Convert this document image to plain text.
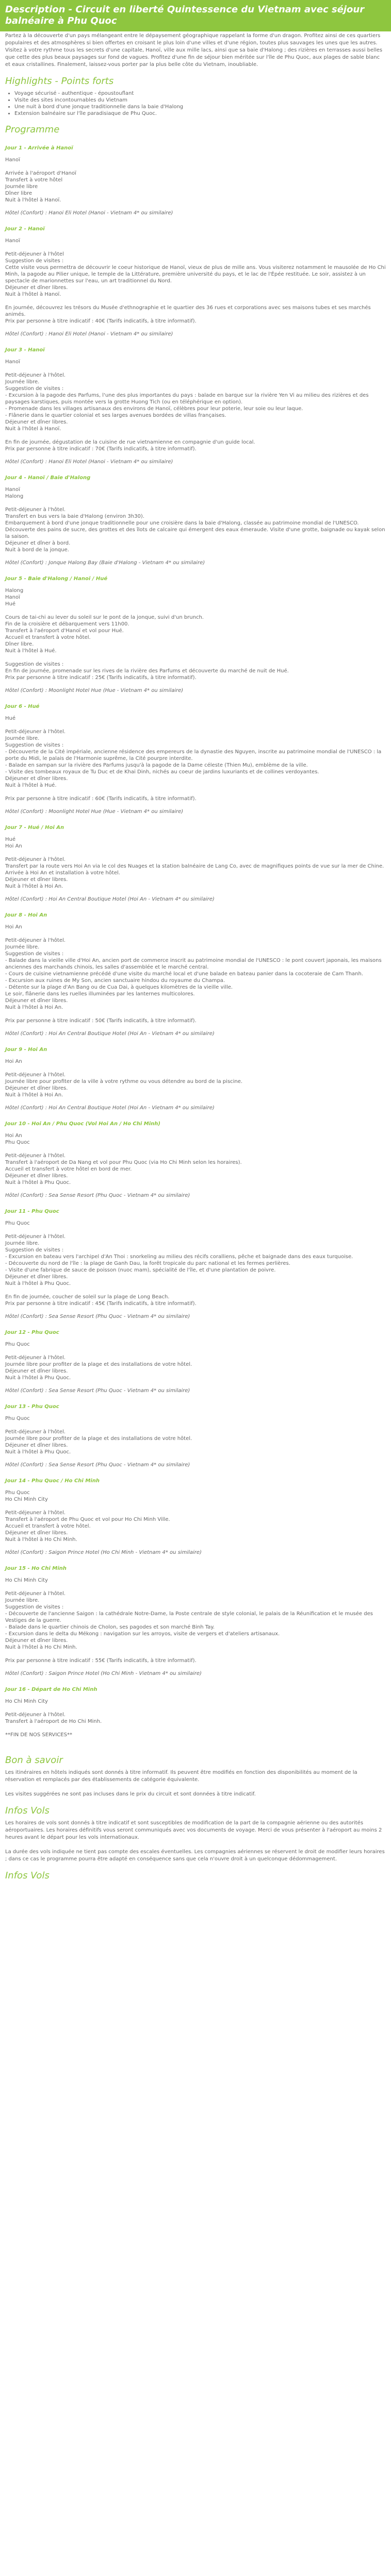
Description - Circuit en liberté Quintessence du Vietnam avec séjour balnéaire à Phu Quoc

Partez à la découverte d'un pays mélangeant entre le dépaysement géographique rappelant la forme d'un dragon. Profitez ainsi de ces quartiers populaires et des atmosphères si bien offertes en croisant le plus loin d'une villes et d'une région, toutes plus sauvages les unes que les autres. Visitez à votre rythme tous les secrets d'une capitale, Hanoï, ville aux mille lacs, ainsi que sa baie d'Halong ; des rizières en terrasses aussi belles que cette des plus beaux paysages sur fond de vagues. Profitez d'une fin de séjour bien méritée sur l'île de Phu Quoc, aux plages de sable blanc et eaux cristallines. Finalement, laissez-vous porter par la plus belle côte du Vietnam, inoubliable.

Highlights - Points forts
• Voyage sécurisé - authentique - époustouflant
• Visite des sites incontournables du Vietnam
• Une nuit à bord d'une jonque traditionnelle dans la baie d'Halong
• Extension balnéaire sur l'île paradisiaque de Phu Quoc.
Programme
Jour 1 - Arrivée à Hanoï

Hanoï

Arrivée à l'aéroport d'Hanoï
Transfert à votre hôtel
Journée libre
Dîner libre
Nuit à l'hôtel à Hanoï.

Hôtel (Confort) : Hanoi Eli Hotel (Hanoi - Vietnam 4* ou similaire)

Jour 2 - Hanoï

Hanoï

Petit-déjeuner à l'hôtel
Suggestion de visites :
Cette visite vous permettra de découvrir le coeur historique de Hanoï, vieux de plus de mille ans. Vous visiterez notamment le mausolée de Ho Chi Minh, la pagode au Pilier unique, le temple de la Littérature, première université du pays, et le lac de l'Épée restituée. Le soir, assistez à un spectacle de marionnettes sur l'eau, un art traditionnel du Nord.
Déjeuner et dîner libres.
Nuit à l'hôtel à Hanoï.

En journée, découvrez les trésors du Musée d'ethnographie et le quartier des 36 rues et corporations avec ses maisons tubes et ses marchés animés.
Prix par personne à titre indicatif : 40€ (Tarifs indicatifs, à titre informatif).

Hôtel (Confort) : Hanoi Eli Hotel (Hanoi - Vietnam 4* ou similaire)

Jour 3 - Hanoï

Hanoï

Petit-déjeuner à l'hôtel.
Journée libre.
Suggestion de visites :
- Excursion à la pagode des Parfums, l'une des plus importantes du pays : balade en barque sur la rivière Yen Vi au milieu des rizières et des paysages karstiques, puis montée vers la grotte Huong Tich (ou en téléphérique en option).
- Promenade dans les villages artisanaux des environs de Hanoï, célèbres pour leur poterie, leur soie ou leur laque.
- Flânerie dans le quartier colonial et ses larges avenues bordées de villas françaises.
Déjeuner et dîner libres.
Nuit à l'hôtel à Hanoï.

En fin de journée, dégustation de la cuisine de rue vietnamienne en compagnie d'un guide local.
Prix par personne à titre indicatif : 70€ (Tarifs indicatifs, à titre informatif).

Hôtel (Confort) : Hanoi Eli Hotel (Hanoi - Vietnam 4* ou similaire)

Jour 4 - Hanoï / Baie d'Halong

Hanoï
Halong

Petit-déjeuner à l'hôtel.
Transfert en bus vers la baie d'Halong (environ 3h30).
Embarquement à bord d'une jonque traditionnelle pour une croisière dans la baie d'Halong, classée au patrimoine mondial de l'UNESCO. Découverte des pains de sucre, des grottes et des îlots de calcaire qui émergent des eaux émeraude. Visite d'une grotte, baignade ou kayak selon la saison.
Déjeuner et dîner à bord.
Nuit à bord de la jonque.

Hôtel (Confort) : Jonque Halong Bay (Baie d'Halong - Vietnam 4* ou similaire)

Jour 5 - Baie d'Halong / Hanoï / Hué

Halong
Hanoï
Hué

Cours de tai-chi au lever du soleil sur le pont de la jonque, suivi d'un brunch.
Fin de la croisière et débarquement vers 11h00.
Transfert à l'aéroport d'Hanoï et vol pour Hué.
Accueil et transfert à votre hôtel.
Dîner libre.
Nuit à l'hôtel à Hué.

Suggestion de visites :
En fin de journée, promenade sur les rives de la rivière des Parfums et découverte du marché de nuit de Hué.
Prix par personne à titre indicatif : 25€ (Tarifs indicatifs, à titre informatif).

Hôtel (Confort) : Moonlight Hotel Hue (Hue - Vietnam 4* ou similaire)

Jour 6 - Hué

Hué

Petit-déjeuner à l'hôtel.
Journée libre.
Suggestion de visites :
- Découverte de la Cité impériale, ancienne résidence des empereurs de la dynastie des Nguyen, inscrite au patrimoine mondial de l'UNESCO : la porte du Midi, le palais de l'Harmonie suprême, la Cité pourpre interdite.
- Balade en sampan sur la rivière des Parfums jusqu'à la pagode de la Dame céleste (Thien Mu), emblème de la ville.
- Visite des tombeaux royaux de Tu Duc et de Khai Dinh, nichés au coeur de jardins luxuriants et de collines verdoyantes.
Déjeuner et dîner libres.
Nuit à l'hôtel à Hué.

Prix par personne à titre indicatif : 60€ (Tarifs indicatifs, à titre informatif).

Hôtel (Confort) : Moonlight Hotel Hue (Hue - Vietnam 4* ou similaire)

Jour 7 - Hué / Hoi An

Hué
Hoi An

Petit-déjeuner à l'hôtel.
Transfert par la route vers Hoi An via le col des Nuages et la station balnéaire de Lang Co, avec de magnifiques points de vue sur la mer de Chine.
Arrivée à Hoi An et installation à votre hôtel.
Déjeuner et dîner libres.
Nuit à l'hôtel à Hoi An.

Hôtel (Confort) : Hoi An Central Boutique Hotel (Hoi An - Vietnam 4* ou similaire)

Jour 8 - Hoi An

Hoi An

Petit-déjeuner à l'hôtel.
Journée libre.
Suggestion de visites :
- Balade dans la vieille ville d'Hoi An, ancien port de commerce inscrit au patrimoine mondial de l'UNESCO : le pont couvert japonais, les maisons anciennes des marchands chinois, les salles d'assemblée et le marché central.
- Cours de cuisine vietnamienne précédé d'une visite du marché local et d'une balade en bateau panier dans la cocoteraie de Cam Thanh.
- Excursion aux ruines de My Son, ancien sanctuaire hindou du royaume du Champa.
- Détente sur la plage d'An Bang ou de Cua Dai, à quelques kilomètres de la vieille ville.
Le soir, flânerie dans les ruelles illuminées par les lanternes multicolores.
Déjeuner et dîner libres.
Nuit à l'hôtel à Hoi An.

Prix par personne à titre indicatif : 50€ (Tarifs indicatifs, à titre informatif).

Hôtel (Confort) : Hoi An Central Boutique Hotel (Hoi An - Vietnam 4* ou similaire)

Jour 9 - Hoi An

Hoi An

Petit-déjeuner à l'hôtel.
Journée libre pour profiter de la ville à votre rythme ou vous détendre au bord de la piscine.
Déjeuner et dîner libres.
Nuit à l'hôtel à Hoi An.

Hôtel (Confort) : Hoi An Central Boutique Hotel (Hoi An - Vietnam 4* ou similaire)

Jour 10 - Hoi An / Phu Quoc (Vol Hoi An / Ho Chi Minh)

Hoi An
Phu Quoc

Petit-déjeuner à l'hôtel.
Transfert à l'aéroport de Da Nang et vol pour Phu Quoc (via Ho Chi Minh selon les horaires).
Accueil et transfert à votre hôtel en bord de mer.
Déjeuner et dîner libres.
Nuit à l'hôtel à Phu Quoc.

Hôtel (Confort) : Sea Sense Resort (Phu Quoc - Vietnam 4* ou similaire)

Jour 11 - Phu Quoc

Phu Quoc

Petit-déjeuner à l'hôtel.
Journée libre.
Suggestion de visites :
- Excursion en bateau vers l'archipel d'An Thoi : snorkeling au milieu des récifs coralliens, pêche et baignade dans des eaux turquoise.
- Découverte du nord de l'île : la plage de Ganh Dau, la forêt tropicale du parc national et les fermes perlières.
- Visite d'une fabrique de sauce de poisson (nuoc mam), spécialité de l'île, et d'une plantation de poivre.
Déjeuner et dîner libres.
Nuit à l'hôtel à Phu Quoc.

En fin de journée, coucher de soleil sur la plage de Long Beach.
Prix par personne à titre indicatif : 45€ (Tarifs indicatifs, à titre informatif).

Hôtel (Confort) : Sea Sense Resort (Phu Quoc - Vietnam 4* ou similaire)

Jour 12 - Phu Quoc

Phu Quoc

Petit-déjeuner à l'hôtel.
Journée libre pour profiter de la plage et des installations de votre hôtel.
Déjeuner et dîner libres.
Nuit à l'hôtel à Phu Quoc.

Hôtel (Confort) : Sea Sense Resort (Phu Quoc - Vietnam 4* ou similaire)

Jour 13 - Phu Quoc

Phu Quoc

Petit-déjeuner à l'hôtel.
Journée libre pour profiter de la plage et des installations de votre hôtel.
Déjeuner et dîner libres.
Nuit à l'hôtel à Phu Quoc.

Hôtel (Confort) : Sea Sense Resort (Phu Quoc - Vietnam 4* ou similaire)

Jour 14 - Phu Quoc / Ho Chi Minh

Phu Quoc
Ho Chi Minh City

Petit-déjeuner à l'hôtel.
Transfert à l'aéroport de Phu Quoc et vol pour Ho Chi Minh Ville.
Accueil et transfert à votre hôtel.
Déjeuner et dîner libres.
Nuit à l'hôtel à Ho Chi Minh.

Hôtel (Confort) : Saigon Prince Hotel (Ho Chi Minh - Vietnam 4* ou similaire)

Jour 15 - Ho Chi Minh

Ho Chi Minh City

Petit-déjeuner à l'hôtel.
Journée libre.
Suggestion de visites :
- Découverte de l'ancienne Saigon : la cathédrale Notre-Dame, la Poste centrale de style colonial, le palais de la Réunification et le musée des Vestiges de la guerre.
- Balade dans le quartier chinois de Cholon, ses pagodes et son marché Binh Tay.
- Excursion dans le delta du Mékong : navigation sur les arroyos, visite de vergers et d'ateliers artisanaux.
Déjeuner et dîner libres.
Nuit à l'hôtel à Ho Chi Minh.

Prix par personne à titre indicatif : 55€ (Tarifs indicatifs, à titre informatif).

Hôtel (Confort) : Saigon Prince Hotel (Ho Chi Minh - Vietnam 4* ou similaire)

Jour 16 - Départ de Ho Chi Minh

Ho Chi Minh City

Petit-déjeuner à l'hôtel.
Transfert à l'aéroport de Ho Chi Minh.

**FIN DE NOS SERVICES**

Bon à savoir

Les itinéraires en hôtels indiqués sont donnés à titre informatif. Ils peuvent être modifiés en fonction des disponibilités au moment de la réservation et remplacés par des établissements de catégorie équivalente.

Les visites suggérées ne sont pas incluses dans le prix du circuit et sont données à titre indicatif.

Infos Vols

Les horaires de vols sont donnés à titre indicatif et sont susceptibles de modification de la part de la compagnie aérienne ou des autorités aéroportuaires. Les horaires définitifs vous seront communiqués avec vos documents de voyage. Merci de vous présenter à l'aéroport au moins 2 heures avant le départ pour les vols internationaux.

La durée des vols indiquée ne tient pas compte des escales éventuelles. Les compagnies aériennes se réservent le droit de modifier leurs horaires ; dans ce cas le programme pourra être adapté en conséquence sans que cela n'ouvre droit à un quelconque dédommagement.

Infos Vols
